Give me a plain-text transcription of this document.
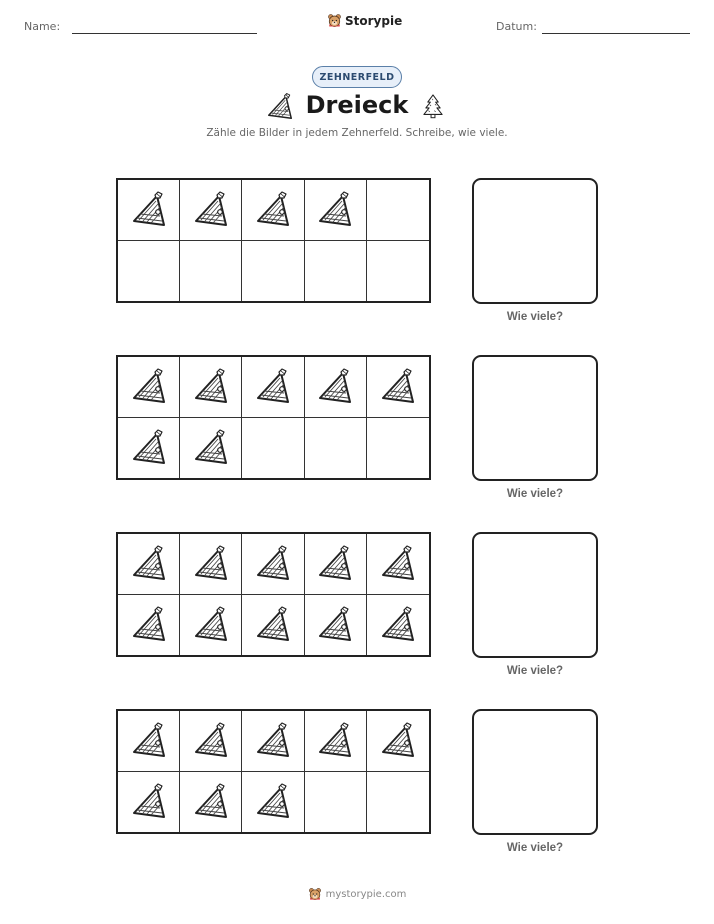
Name:	Storypie	Datum:
ZEHNERFELD
Dreieck
Zähle die Bilder in jedem Zehnerfeld. Schreibe, wie viele.
Wie viele?
Wie viele?
Wie viele?
Wie viele?
mystorypie.com
